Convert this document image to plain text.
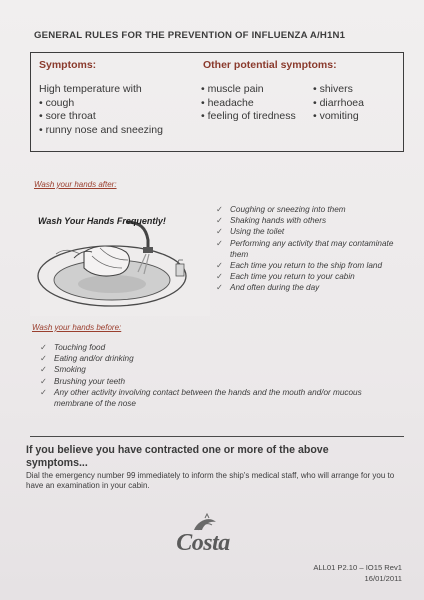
GENERAL RULES FOR THE PREVENTION OF INFLUENZA A/H1N1
Symptoms:	Other potential symptoms:
High temperature with
• cough
• sore throat
• runny nose and sneezing
• muscle pain
• headache
• feeling of tiredness
• shivers
• diarrhoea
• vomiting
Wash your hands after:
Wash Your Hands Frequently!
✓ Coughing or sneezing into them
✓ Shaking hands with others
✓ Using the toilet
✓ Performing any activity that may contaminate them
✓ Each time you return to the ship from land
✓ Each time you return to your cabin
✓ And often during the day
Wash your hands before:
✓ Touching food
✓ Eating and/or drinking
✓ Smoking
✓ Brushing your teeth
✓ Any other activity involving contact between the hands and the mouth and/or mucous membrane of the nose
If you believe you have contracted one or more of the above symptoms...
Dial the emergency number 99 immediately to inform the ship's medical staff, who will arrange for you to have an examination in your cabin.
Costa
ALL01 P2.10 – IO15 Rev1
16/01/2011
